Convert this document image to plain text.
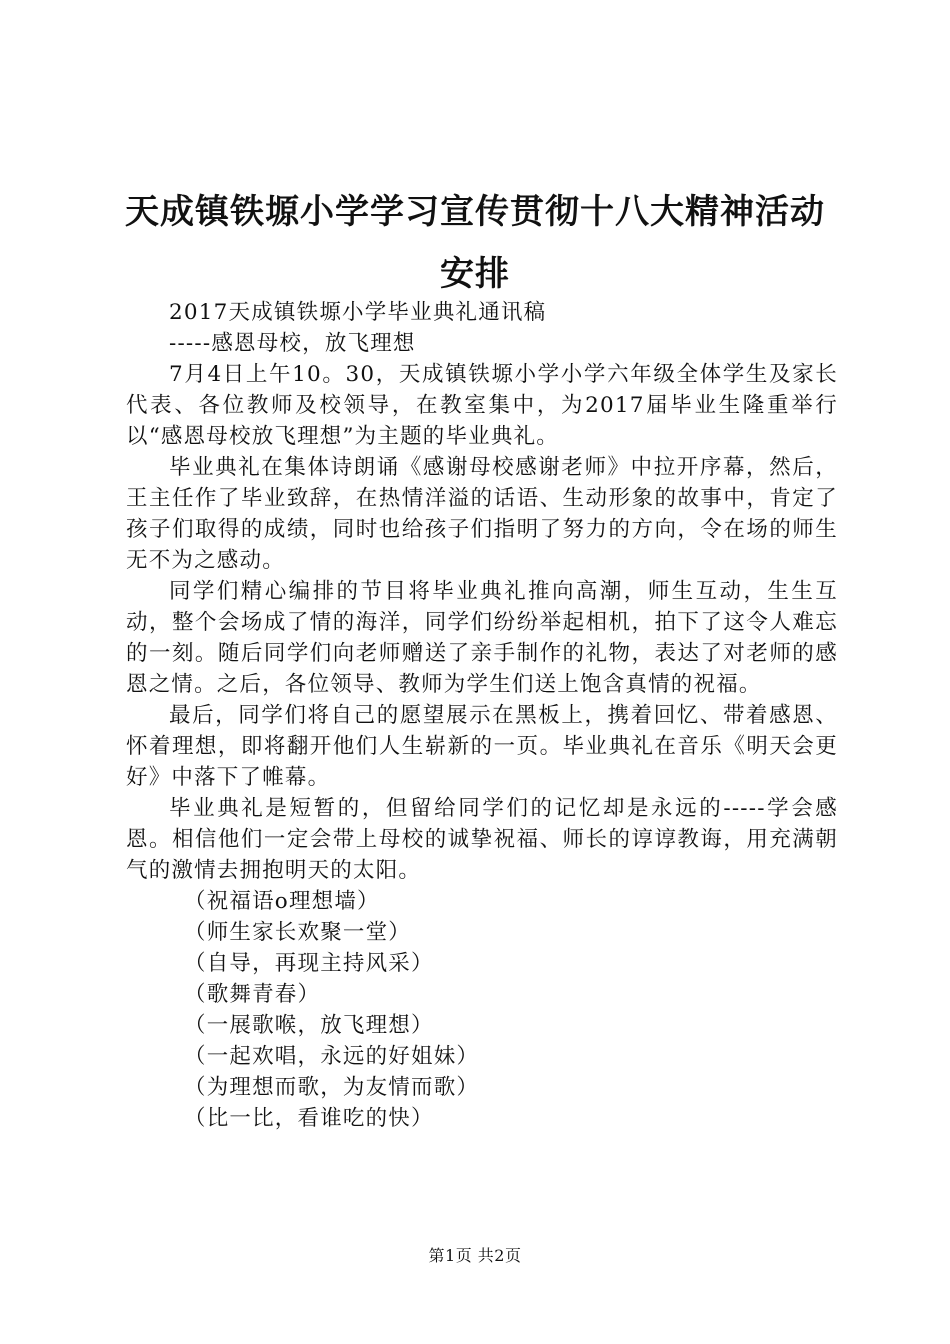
天成镇铁塬小学学习宣传贯彻十八大精神活动
安排

2017天成镇铁塬小学毕业典礼通讯稿

-----感恩母校，放飞理想

7月4日上午10。30，天成镇铁塬小学小学六年级全体学生及家长代表、各位教师及校领导，在教室集中，为2017届毕业生隆重举行以“感恩母校放飞理想”为主题的毕业典礼。

毕业典礼在集体诗朗诵《感谢母校感谢老师》中拉开序幕，然后，王主任作了毕业致辞，在热情洋溢的话语、生动形象的故事中，肯定了孩子们取得的成绩，同时也给孩子们指明了努力的方向，令在场的师生无不为之感动。

同学们精心编排的节目将毕业典礼推向高潮，师生互动，生生互动，整个会场成了情的海洋，同学们纷纷举起相机，拍下了这令人难忘的一刻。随后同学们向老师赠送了亲手制作的礼物，表达了对老师的感恩之情。之后，各位领导、教师为学生们送上饱含真情的祝福。

最后，同学们将自己的愿望展示在黑板上，携着回忆、带着感恩、怀着理想，即将翻开他们人生崭新的一页。毕业典礼在音乐《明天会更好》中落下了帷幕。

毕业典礼是短暂的，但留给同学们的记忆却是永远的-----学会感恩。相信他们一定会带上母校的诚挚祝福、师长的谆谆教诲，用充满朝气的激情去拥抱明天的太阳。

（祝福语o理想墙）

（师生家长欢聚一堂）

（自导，再现主持风采）

（歌舞青春）

（一展歌喉，放飞理想）

（一起欢唱，永远的好姐妹）

（为理想而歌，为友情而歌）

（比一比，看谁吃的快）

第1页 共2页
